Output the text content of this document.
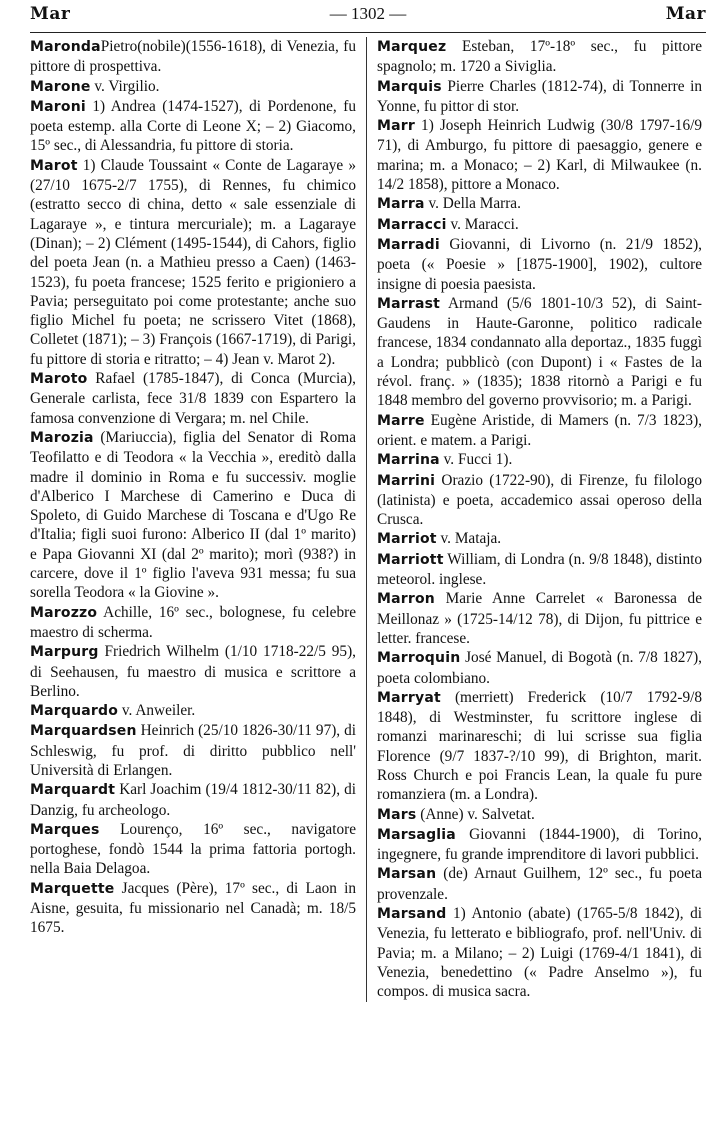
Mar	— 1302 —	Mar

MarondaPietro(nobile)(1556-1618), di Venezia, fu pittore di prospettiva.

Marone v. Virgilio.

Maroni 1) Andrea (1474-1527), di Pordenone, fu poeta estemp. alla Corte di Leone X; – 2) Giacomo, 15º sec., di Alessandria, fu pittore di storia.

Marot 1) Claude Toussaint « Conte de Lagaraye » (27/10 1675-2/7 1755), di Rennes, fu chimico (estratto secco di china, detto « sale essenziale di Lagaraye », e tintura mercuriale); m. a Lagaraye (Dinan); – 2) Clément (1495-1544), di Cahors, figlio del poeta Jean (n. a Mathieu presso a Caen) (1463-1523), fu poeta francese; 1525 ferito e prigioniero a Pavia; perseguitato poi come protestante; anche suo figlio Michel fu poeta; ne scrissero Vitet (1868), Colletet (1871); – 3) François (1667-1719), di Parigi, fu pittore di storia e ritratto; – 4) Jean v. Marot 2).

Maroto Rafael (1785-1847), di Conca (Murcia), Generale carlista, fece 31/8 1839 con Espartero la famosa convenzione di Vergara; m. nel Chile.

Marozia (Mariuccia), figlia del Senator di Roma Teofilatto e di Teodora « la Vecchia », ereditò dalla madre il dominio in Roma e fu successiv. moglie d'Alberico I Marchese di Camerino e Duca di Spoleto, di Guido Marchese di Toscana e d'Ugo Re d'Italia; figli suoi furono: Alberico II (dal 1º marito) e Papa Giovanni XI (dal 2º marito); morì (938?) in carcere, dove il 1º figlio l'aveva 931 messa; fu sua sorella Teodora « la Giovine ».

Marozzo Achille, 16º sec., bolognese, fu celebre maestro di scherma.

Marpurg Friedrich Wilhelm (1/10 1718-22/5 95), di Seehausen, fu maestro di musica e scrittore a Berlino.

Marquardo v. Anweiler.

Marquardsen Heinrich (25/10 1826-30/11 97), di Schleswig, fu prof. di diritto pubblico nell' Università di Erlangen.

Marquardt Karl Joachim (19/4 1812-30/11 82), di Danzig, fu archeologo.

Marques Lourenço, 16º sec., navigatore portoghese, fondò 1544 la prima fattoria portogh. nella Baia Delagoa.

Marquette Jacques (Père), 17º sec., di Laon in Aisne, gesuita, fu missionario nel Canadà; m. 18/5 1675.

Marquez Esteban, 17º-18º sec., fu pittore spagnolo; m. 1720 a Siviglia.

Marquis Pierre Charles (1812-74), di Tonnerre in Yonne, fu pittor di stor.

Marr 1) Joseph Heinrich Ludwig (30/8 1797-16/9 71), di Amburgo, fu pittore di paesaggio, genere e marina; m. a Monaco; – 2) Karl, di Milwaukee (n. 14/2 1858), pittore a Monaco.

Marra v. Della Marra.

Marracci v. Maracci.

Marradi Giovanni, di Livorno (n. 21/9 1852), poeta (« Poesie » [1875-1900], 1902), cultore insigne di poesia paesista.

Marrast Armand (5/6 1801-10/3 52), di Saint-Gaudens in Haute-Garonne, politico radicale francese, 1834 condannato alla deportaz., 1835 fuggì a Londra; pubblicò (con Dupont) i « Fastes de la révol. franç. » (1835); 1838 ritornò a Parigi e fu 1848 membro del governo provvisorio; m. a Parigi.

Marre Eugène Aristide, di Mamers (n. 7/3 1823), orient. e matem. a Parigi.

Marrina v. Fucci 1).

Marrini Orazio (1722-90), di Firenze, fu filologo (latinista) e poeta, accademico assai operoso della Crusca.

Marriot v. Mataja.

Marriott William, di Londra (n. 9/8 1848), distinto meteorol. inglese.

Marron Marie Anne Carrelet « Baronessa de Meillonaz » (1725-14/12 78), di Dijon, fu pittrice e letter. francese.

Marroquin José Manuel, di Bogotà (n. 7/8 1827), poeta colombiano.

Marryat (merriett) Frederick (10/7 1792-9/8 1848), di Westminster, fu scrittore inglese di romanzi marinareschi; di lui scrisse sua figlia Florence (9/7 1837-?/10 99), di Brighton, marit. Ross Church e poi Francis Lean, la quale fu pure romanziera (m. a Londra).

Mars (Anne) v. Salvetat.

Marsaglia Giovanni (1844-1900), di Torino, ingegnere, fu grande imprenditore di lavori pubblici.

Marsan (de) Arnaut Guilhem, 12º sec., fu poeta provenzale.

Marsand 1) Antonio (abate) (1765-5/8 1842), di Venezia, fu letterato e bibliografo, prof. nell'Univ. di Pavia; m. a Milano; – 2) Luigi (1769-4/1 1841), di Venezia, benedettino (« Padre Anselmo »), fu compos. di musica sacra.
